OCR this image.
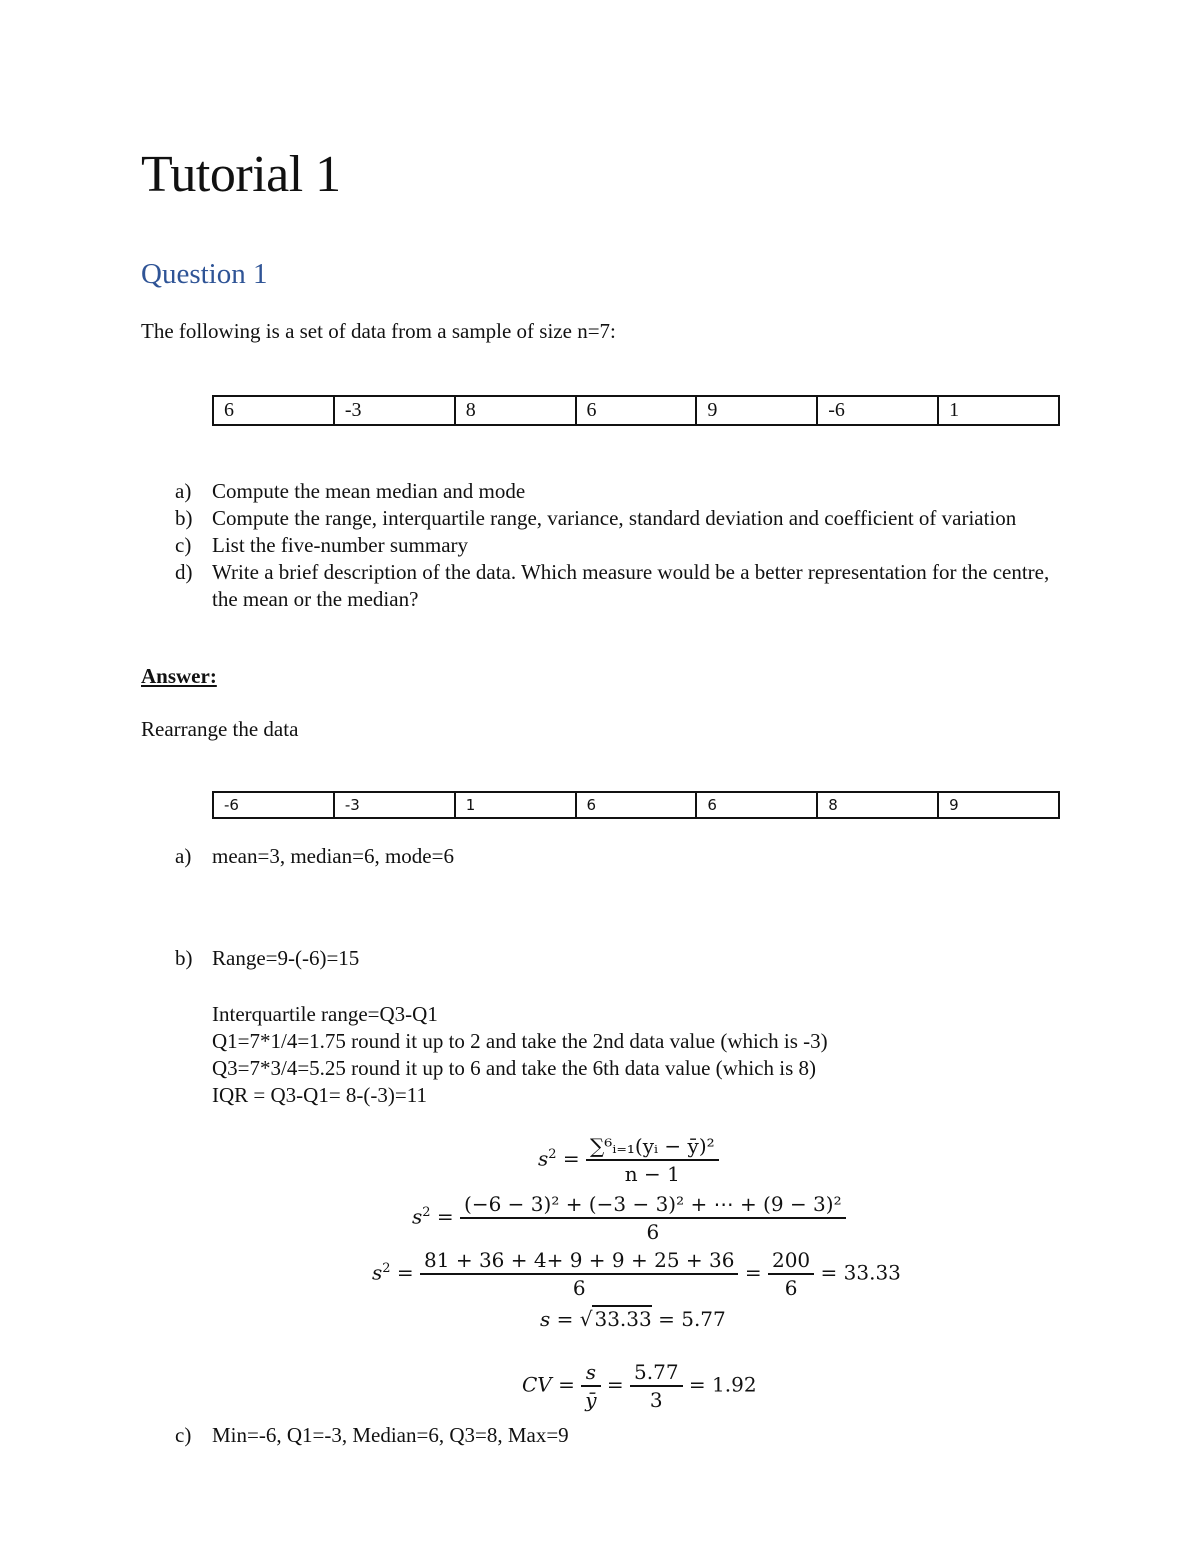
Tutorial 1
Question 1
The following is a set of data from a sample of size n=7:
6	-3	8	6	9	-6	1
a) Compute the mean median and mode
b) Compute the range, interquartile range, variance, standard deviation and coefficient of variation
c) List the five-number summary
d) Write a brief description of the data. Which measure would be a better representation for the centre, the mean or the median?
Answer:
Rearrange the data
-6	-3	1	6	6	8	9
a) mean=3, median=6, mode=6
b) Range=9-(-6)=15
Interquartile range=Q3-Q1
Q1=7*1/4=1.75 round it up to 2 and take the 2nd data value (which is -3)
Q3=7*3/4=5.25 round it up to 6 and take the 6th data value (which is 8)
IQR = Q3-Q1= 8-(-3)=11
$s^2 = \frac{\text{∑⁶ᵢ₌₁(yᵢ − ȳ)²}}{n - 1}$
$s^2 = \frac{\text{(−6 − 3)² + (−3 − 3)² + ⋯ + (9 − 3)²}}{6}$
$s^2 = \frac{81 + 36 + 4+ 9 + 9 + 25 + 36}{6} = \frac{200}{6} = 33.33$
s = √ 33.33 = 5.77
CV = $\frac{s}{ȳ} = \frac{5.77}{3} = 1.92$
c) Min=-6, Q1=-3, Median=6, Q3=8, Max=9
